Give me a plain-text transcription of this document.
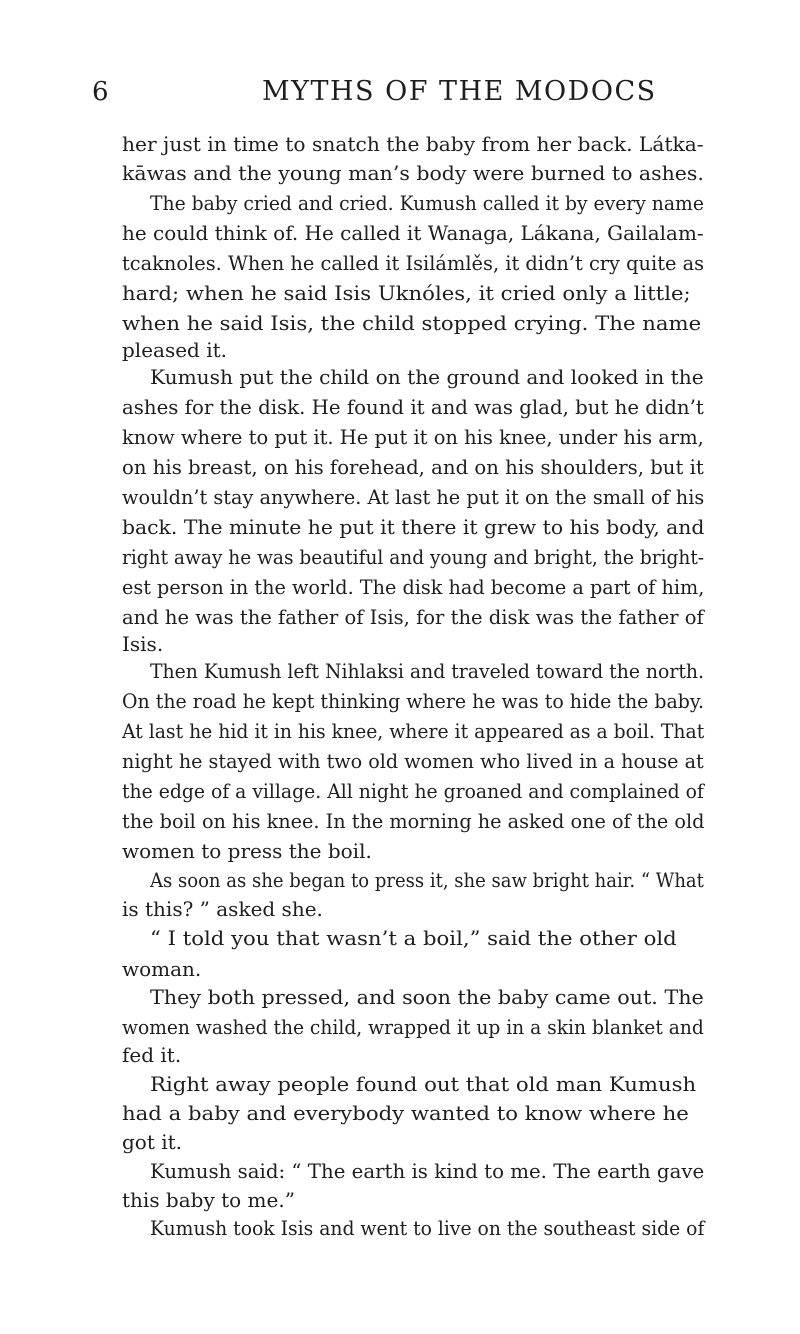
6	MYTHS OF THE MODOCS
her just in time to snatch the baby from her back. Látka-
kāwas and the young man’s body were burned to ashes.
The baby cried and cried. Kumush called it by every name
he could think of. He called it Wanaga, Lákana, Gailalam-
tcaknoles. When he called it Isilámlěs, it didn’t cry quite as
hard; when he said Isis Uknóles, it cried only a little;
when he said Isis, the child stopped crying. The name
pleased it.
Kumush put the child on the ground and looked in the
ashes for the disk. He found it and was glad, but he didn’t
know where to put it. He put it on his knee, under his arm,
on his breast, on his forehead, and on his shoulders, but it
wouldn’t stay anywhere. At last he put it on the small of his
back. The minute he put it there it grew to his body, and
right away he was beautiful and young and bright, the bright-
est person in the world. The disk had become a part of him,
and he was the father of Isis, for the disk was the father of
Isis.
Then Kumush left Nihlaksi and traveled toward the north.
On the road he kept thinking where he was to hide the baby.
At last he hid it in his knee, where it appeared as a boil. That
night he stayed with two old women who lived in a house at
the edge of a village. All night he groaned and complained of
the boil on his knee. In the morning he asked one of the old
women to press the boil.
As soon as she began to press it, she saw bright hair. “ What
is this? ” asked she.
“ I told you that wasn’t a boil,” said the other old
woman.
They both pressed, and soon the baby came out. The
women washed the child, wrapped it up in a skin blanket and
fed it.
Right away people found out that old man Kumush
had a baby and everybody wanted to know where he
got it.
Kumush said: “ The earth is kind to me. The earth gave
this baby to me.”
Kumush took Isis and went to live on the southeast side of
